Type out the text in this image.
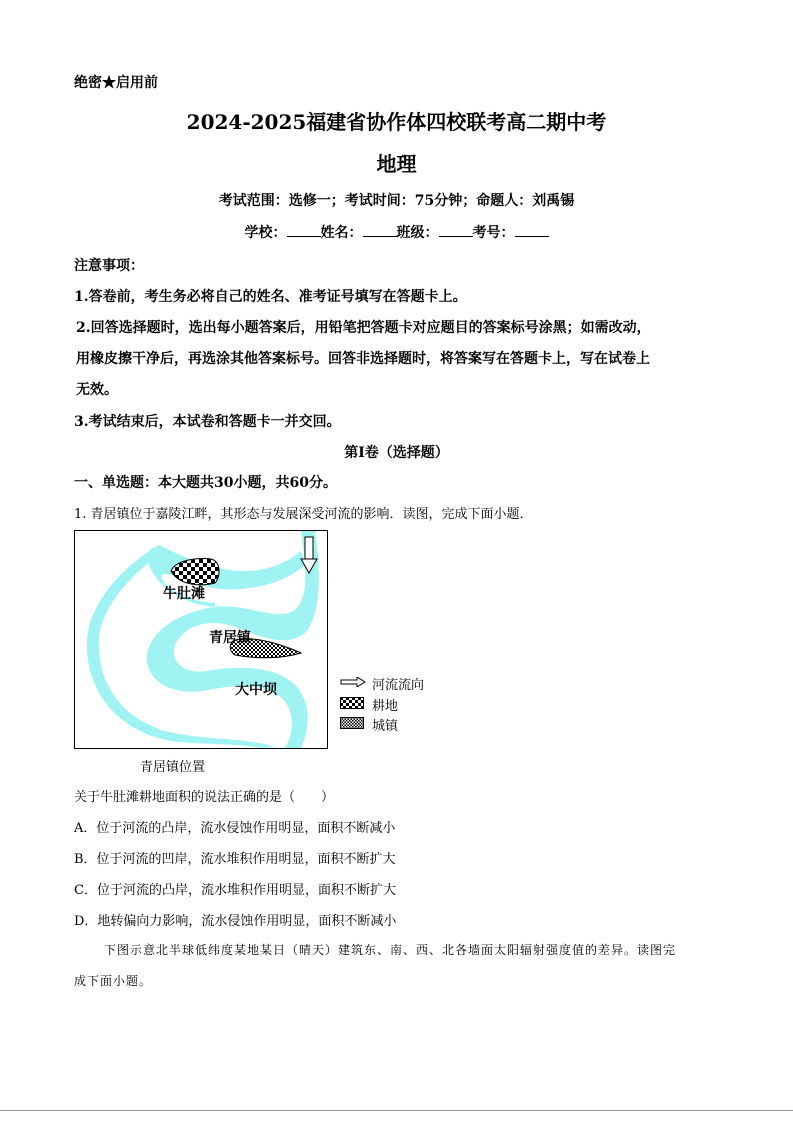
绝密★启用前
2024-2025福建省协作体四校联考高二期中考
地理
考试范围：选修一；考试时间：75分钟；命题人：刘禹锡
学校： 姓名： 班级： 考号：
注意事项：
1.答卷前，考生务必将自己的姓名、准考证号填写在答题卡上。
2.回答选择题时，选出每小题答案后，用铅笔把答题卡对应题目的答案标号涂黑；如需改动，
用橡皮擦干净后，再选涂其他答案标号。回答非选择题时，将答案写在答题卡上，写在试卷上
无效。
3.考试结束后，本试卷和答题卡一并交回。
第Ⅰ卷（选择题）
一、单选题：本大题共30小题，共60分。
1. 青居镇位于嘉陵江畔，其形态与发展深受河流的影响．读图，完成下面小题．
牛肚滩
青居镇
大中坝	河流流向
耕地
城镇
青居镇位置
关于牛肚滩耕地面积的说法正确的是（　　）
A．位于河流的凸岸，流水侵蚀作用明显，面积不断减小
B．位于河流的凹岸，流水堆积作用明显，面积不断扩大
C．位于河流的凸岸，流水堆积作用明显，面积不断扩大
D．地转偏向力影响，流水侵蚀作用明显，面积不断减小
下图示意北半球低纬度某地某日（晴天）建筑东、南、西、北各墙面太阳辐射强度值的差异。读图完
成下面小题。
